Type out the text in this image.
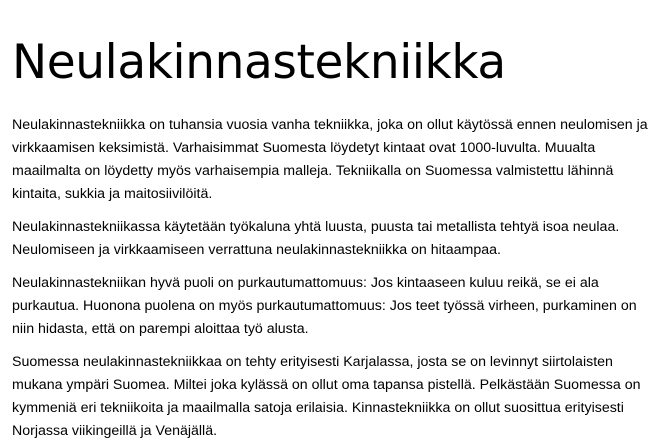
Neulakinnastekniikka

Neulakinnastekniikka on tuhansia vuosia vanha tekniikka, joka on ollut käytössä ennen neulomisen ja virkkaamisen keksimistä. Varhaisimmat Suomesta löydetyt kintaat ovat 1000-luvulta. Muualta maailmalta on löydetty myös varhaisempia malleja. Tekniikalla on Suomessa valmistettu lähinnä kintaita, sukkia ja maitosiivilöitä.

Neulakinnastekniikassa käytetään työkaluna yhtä luusta, puusta tai metallista tehtyä isoa neulaa. Neulomiseen ja virkkaamiseen verrattuna neulakinnastekniikka on hitaampaa.

Neulakinnastekniikan hyvä puoli on purkautumattomuus: Jos kintaaseen kuluu reikä, se ei ala purkautua. Huonona puolena on myös purkautumattomuus: Jos teet työssä virheen, purkaminen on niin hidasta, että on parempi aloittaa työ alusta.

Suomessa neulakinnastekniikkaa on tehty erityisesti Karjalassa, josta se on levinnyt siirtolaisten mukana ympäri Suomea. Miltei joka kylässä on ollut oma tapansa pistellä. Pelkästään Suomessa on kymmeniä eri tekniikoita ja maailmalla satoja erilaisia. Kinnastekniikka on ollut suosittua erityisesti Norjassa viikingeillä ja Venäjällä.
